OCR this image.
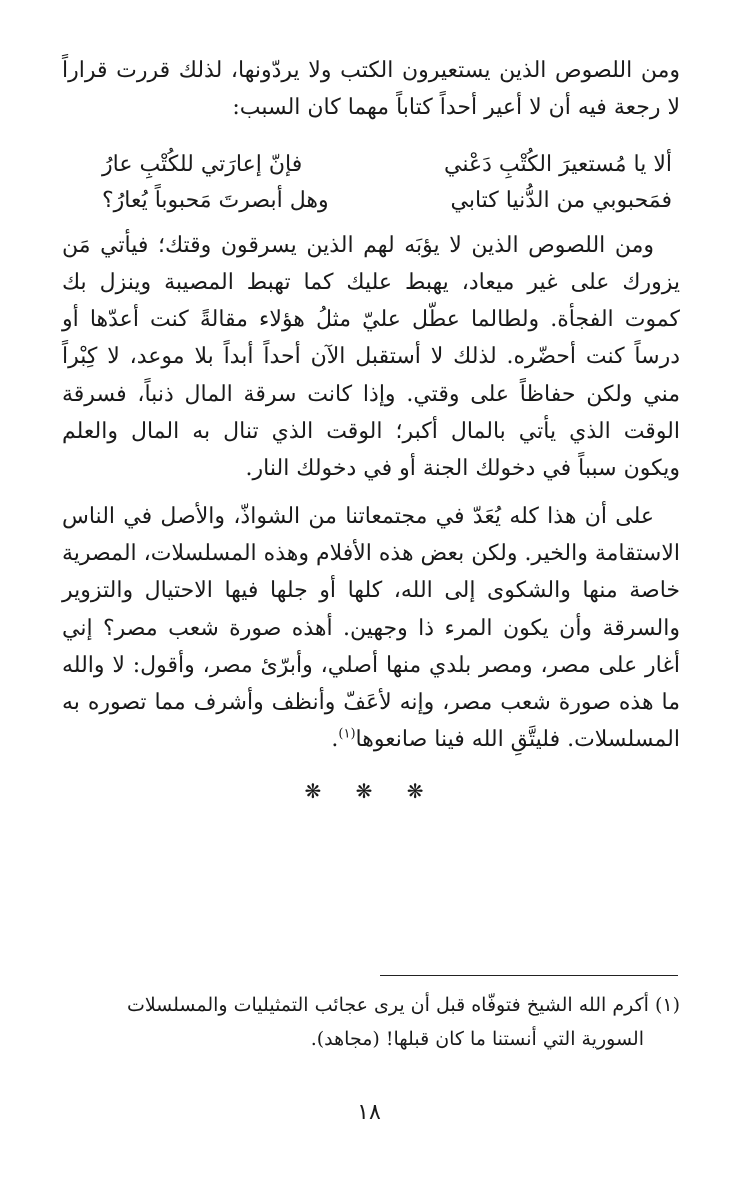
ومن اللصوص الذين يستعيرون الكتب ولا يردّونها، لذلك قررت قراراً لا رجعة فيه أن لا أعير أحداً كتاباً مهما كان السبب:

ألا يا مُستعيرَ الكُتْبِ دَعْني
فإنّ إعارَتي للكُتْبِ عارُ
فمَحبوبي من الدُّنيا كتابي
وهل أبصرتَ مَحبوباً يُعارُ؟

ومن اللصوص الذين لا يؤبَه لهم الذين يسرقون وقتك؛ فيأتي مَن يزورك على غير ميعاد، يهبط عليك كما تهبط المصيبة وينزل بك كموت الفجأة. ولطالما عطّل عليّ مثلُ هؤلاء مقالةً كنت أعدّها أو درساً كنت أحضّره. لذلك لا أستقبل الآن أحداً أبداً بلا موعد، لا كِبْراً مني ولكن حفاظاً على وقتي. وإذا كانت سرقة المال ذنباً، فسرقة الوقت الذي يأتي بالمال أكبر؛ الوقت الذي تنال به المال والعلم ويكون سبباً في دخولك الجنة أو في دخولك النار.

على أن هذا كله يُعَدّ في مجتمعاتنا من الشواذّ، والأصل في الناس الاستقامة والخير. ولكن بعض هذه الأفلام وهذه المسلسلات، المصرية خاصة منها والشكوى إلى الله، كلها أو جلها فيها الاحتيال والتزوير والسرقة وأن يكون المرء ذا وجهين. أهذه صورة شعب مصر؟ إني أغار على مصر، ومصر بلدي منها أصلي، وأبرّئ مصر، وأقول: لا والله ما هذه صورة شعب مصر، وإنه لأعَفّ وأنظف وأشرف مما تصوره به المسلسلات. فليتَّقِ الله فينا صانعوها$^{(١)}$.

❋ ❋ ❋
(١) أكرم الله الشيخ فتوفّاه قبل أن يرى عجائب التمثيليات والمسلسلات
السورية التي أنستنا ما كان قبلها! (مجاهد).
١٨
